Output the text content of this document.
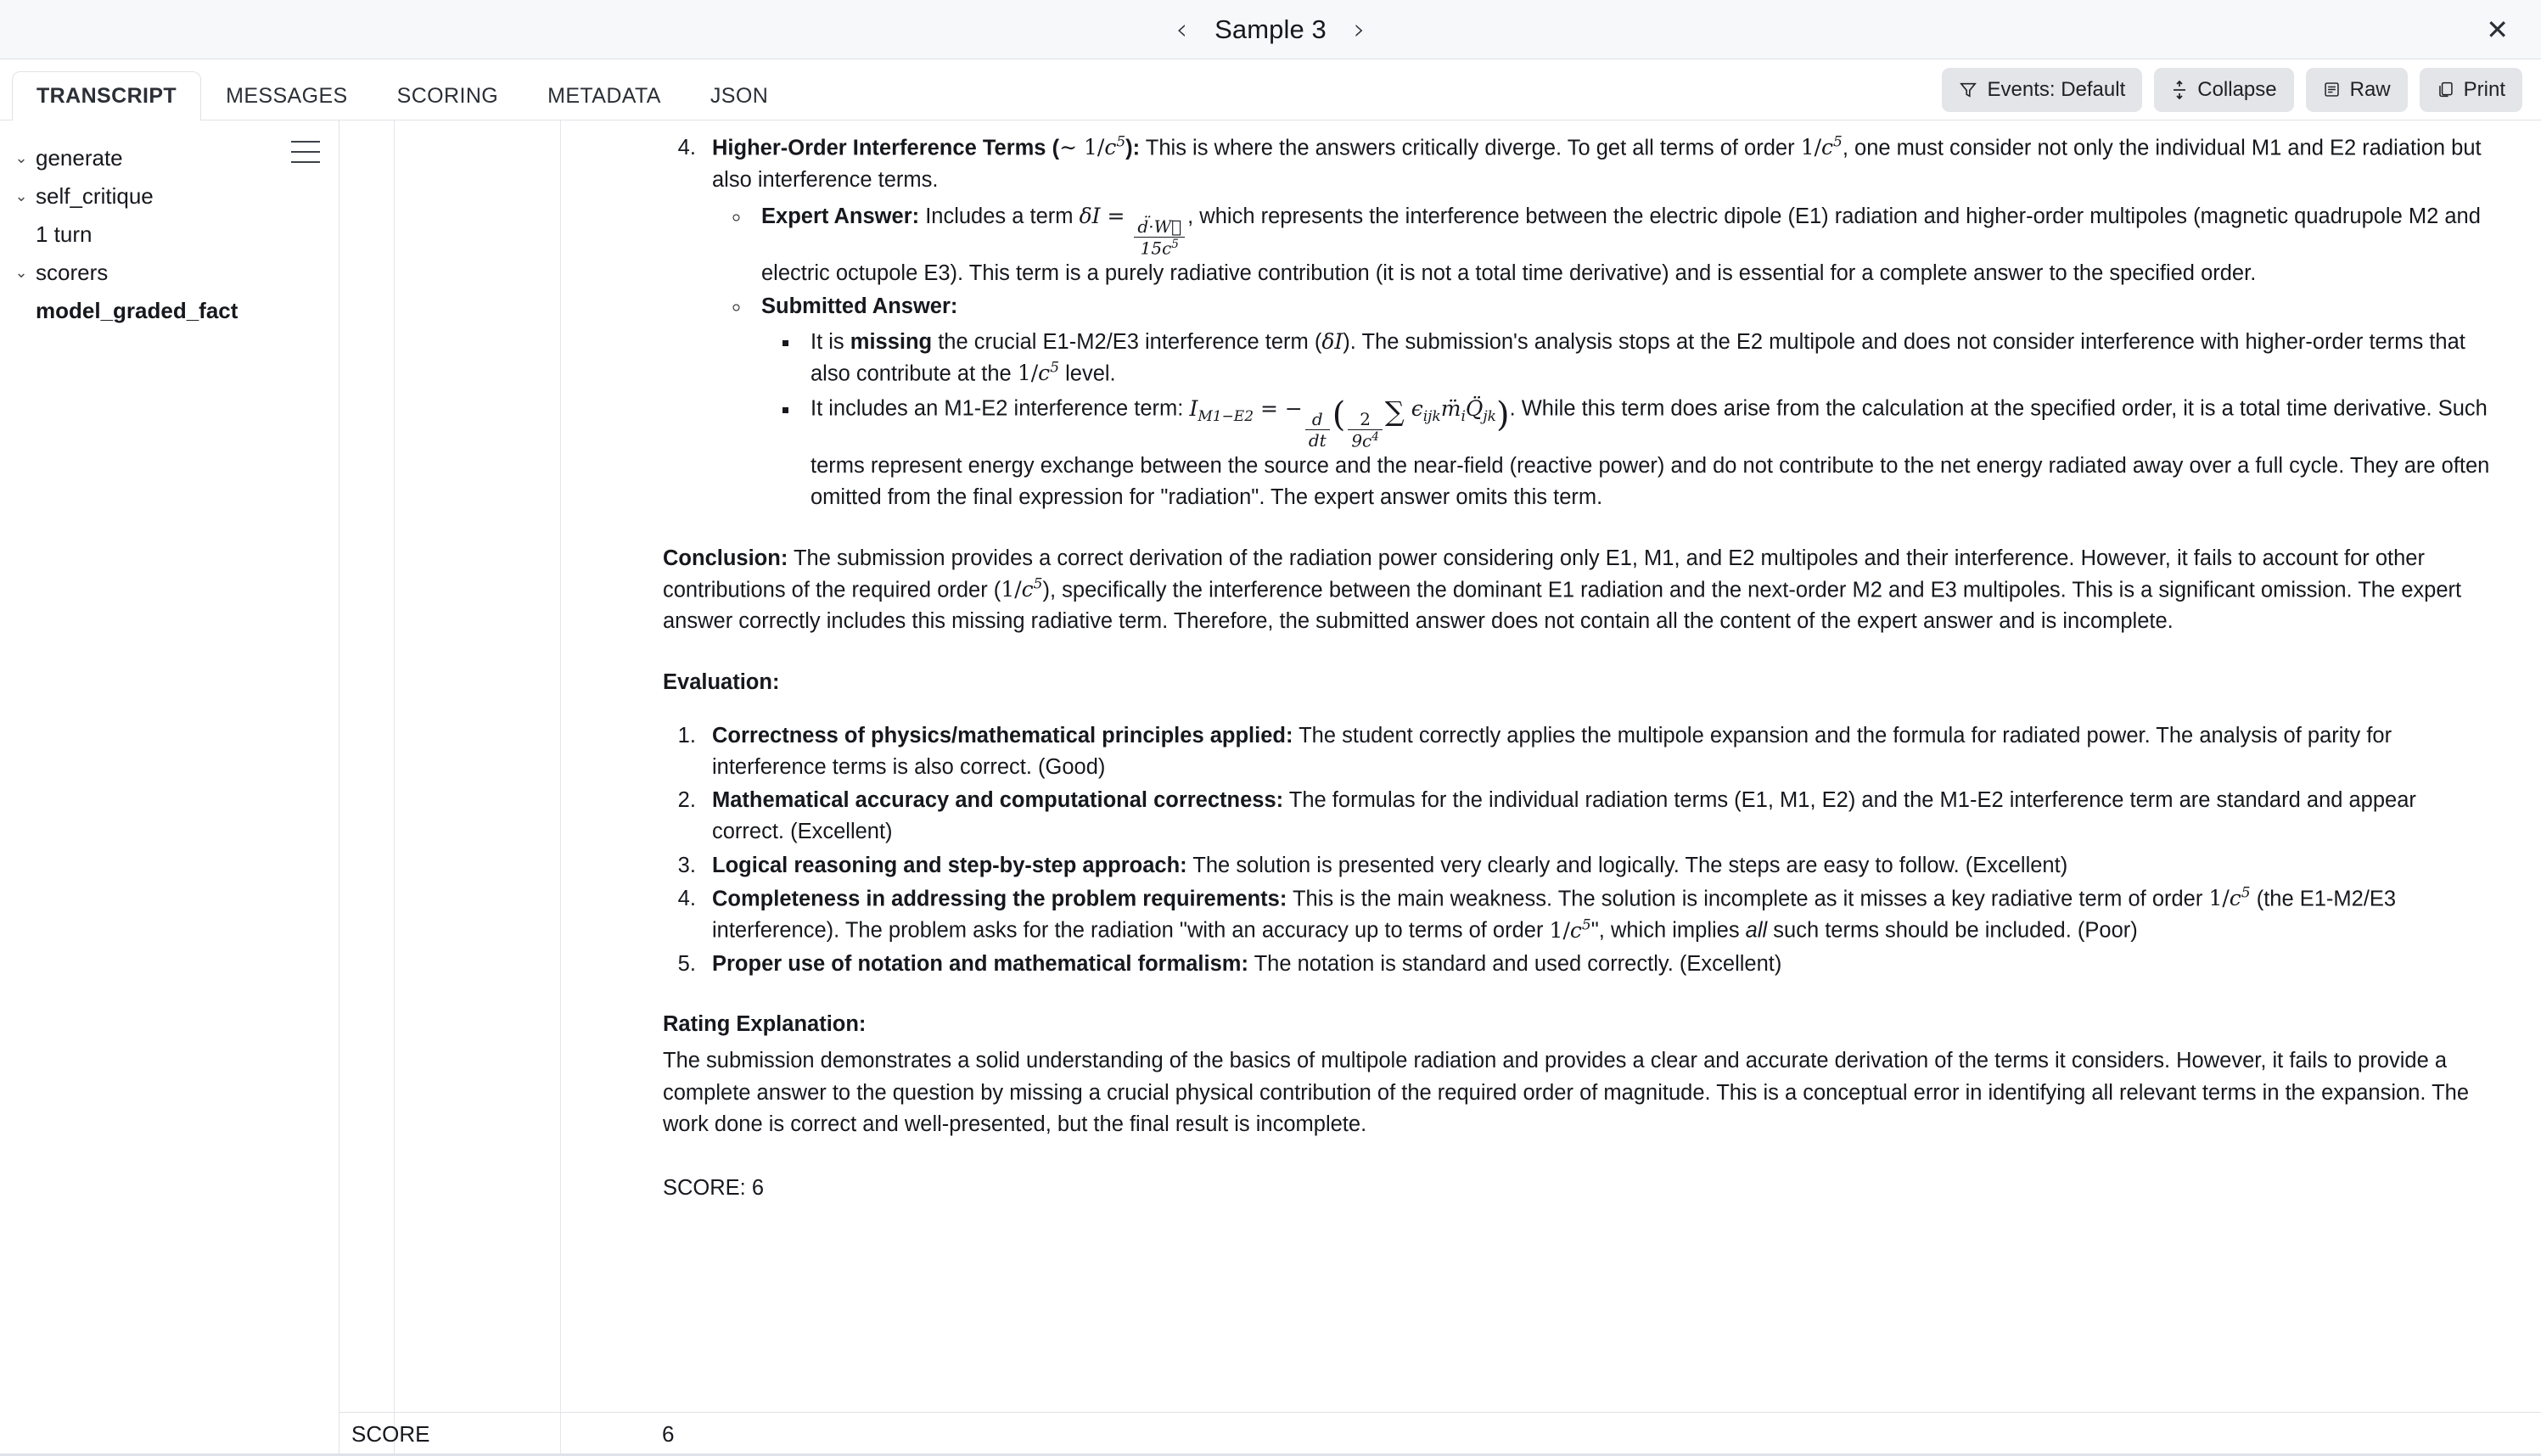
‹ Sample 3 ›	✕
TRANSCRIPT	MESSAGES	SCORING	METADATA	JSON	Events: Default	Collapse	Raw	Print
⌄ generate
⌄ self_critique
1 turn
⌄ scorers
model_graded_fact
4. Higher-Order Interference Terms (∼ $1/c^5$): This is where the answers critically diverge. To get all terms of order $1/c^5$, one must consider not only the individual M1 and E2 radiation but also interference terms.
◦ Expert Answer: Includes a term δI =
$\frac{d̈\cdot W⃛}{15c^5}$
, which represents the interference between the electric dipole (E1) radiation and higher-order multipoles (magnetic quadrupole M2 and electric octupole E3). This term is a purely radiative contribution (it is not a total time derivative) and is essential for a complete answer to the specified order.
◦ Submitted Answer:
▪ It is missing the crucial E1-M2/E3 interference term (δI). The submission's analysis stops at the E2 multipole and does not consider interference with higher-order terms that also contribute at the $1/c^5$ level.
▪ It includes an M1-E2 interference term: $I_{M1-E2}$ = −
$\frac{d}{dt}$ ( $\frac{2}{9c^4}$ ∑ $\epsilon_{ijk}m̈_iQ̈_{jk}$). While this term does arise from the calculation at the specified order, it is a total time derivative. Such terms represent energy exchange between the source and the near-field (reactive power) and do not contribute to the net energy radiated away over a full cycle. They are often omitted from the final expression for "radiation". The expert answer omits this term.

Conclusion: The submission provides a correct derivation of the radiation power considering only E1, M1, and E2 multipoles and their interference. However, it fails to account for other contributions of the required order $(1/c^5)$, specifically the interference between the dominant E1 radiation and the next-order M2 and E3 multipoles. This is a significant omission. The expert answer correctly includes this missing radiative term. Therefore, the submitted answer does not contain all the content of the expert answer and is incomplete.

Evaluation:

1. Correctness of physics/mathematical principles applied: The student correctly applies the multipole expansion and the formula for radiated power. The analysis of parity for interference terms is also correct. (Good)
2. Mathematical accuracy and computational correctness: The formulas for the individual radiation terms (E1, M1, E2) and the M1-E2 interference term are standard and appear correct. (Excellent)
3. Logical reasoning and step-by-step approach: The solution is presented very clearly and logically. The steps are easy to follow. (Excellent)
4. Completeness in addressing the problem requirements: This is the main weakness. The solution is incomplete as it misses a key radiative term of order $1/c^5$ (the E1-M2/E3 interference). The problem asks for the radiation "with an accuracy up to terms of order $1/c^5$", which implies all such terms should be included. (Poor)
5. Proper use of notation and mathematical formalism: The notation is standard and used correctly. (Excellent)

Rating Explanation:

The submission demonstrates a solid understanding of the basics of multipole radiation and provides a clear and accurate derivation of the terms it considers. However, it fails to provide a complete answer to the question by missing a crucial physical contribution of the required order of magnitude. This is a conceptual error in identifying all relevant terms in the expansion. The work done is correct and well-presented, but the final result is incomplete.

SCORE: 6

SCORE	6
